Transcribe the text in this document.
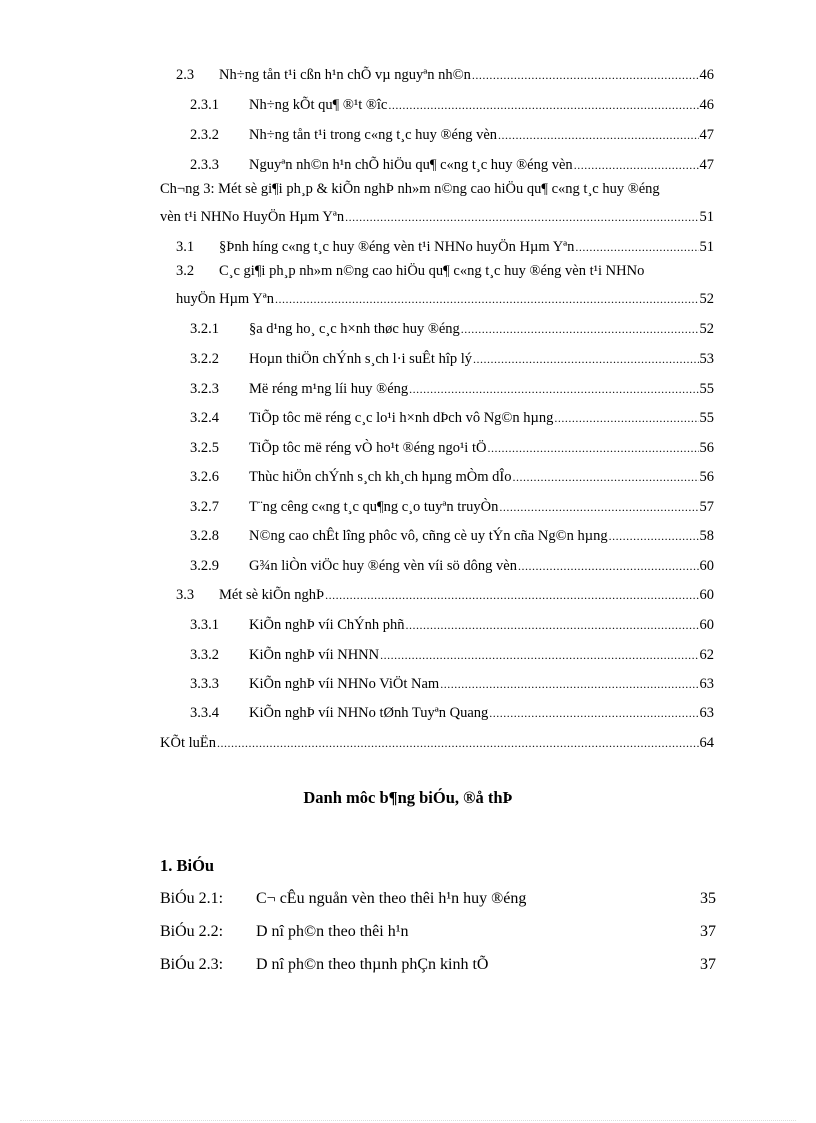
2.3	Nh÷ng tån t¹i cßn h¹n chÕ vµ nguyªn nh©n .....	46
2.3.1	Nh÷ng kÕt qu¶ ®¹t ®îc .....	46
2.3.2	Nh÷ng tån t¹i trong c«ng t¸c huy ®éng vèn .....	47
2.3.3	Nguyªn nh©n h¹n chÕ hiÖu qu¶ c«ng t¸c huy ®éng vèn .....	47
Ch¬ng 3: Mét sè gi¶i ph¸p & kiÕn nghÞ nh»m n©ng cao hiÖu qu¶ c«ng t¸c huy ®éng
vèn t¹i NHNo HuyÖn Hµm Yªn .....	51
3.1	§Þnh híng c«ng t¸c huy ®éng vèn t¹i NHNo huyÖn Hµm Yªn .....	51
3.2 C¸c gi¶i ph¸p nh»m n©ng cao hiÖu qu¶ c«ng t¸c huy ®éng vèn t¹i NHNo
huyÖn Hµm Yªn .....	52
3.2.1	§a d¹ng ho¸ c¸c h×nh thøc huy ®éng .....	52
3.2.2	Hoµn thiÖn chÝnh s¸ch l·i suÊt hîp lý .....	53
3.2.3	Më réng m¹ng líi huy ®éng .....	55
3.2.4	TiÕp tôc më réng c¸c lo¹i h×nh dÞch vô Ng©n hµng .....	55
3.2.5	TiÕp tôc më réng vÒ ho¹t ®éng ngo¹i tÖ .....	56
3.2.6	Thùc hiÖn chÝnh s¸ch kh¸ch hµng mÒm dÎo .....	56
3.2.7	T¨ng cêng c«ng t¸c qu¶ng c¸o tuyªn truyÒn .....	57
3.2.8	N©ng cao chÊt lîng phôc vô, cñng cè uy tÝn cña Ng©n hµng .....	58
3.2.9	G¾n liÒn viÖc huy ®éng vèn víi sö dông vèn .....	60
3.3	Mét sè kiÕn nghÞ .....	60
3.3.1	KiÕn nghÞ víi ChÝnh phñ .....	60
3.3.2	KiÕn nghÞ víi NHNN .....	62
3.3.3	KiÕn nghÞ víi NHNo ViÖt Nam .....	63
3.3.4	KiÕn nghÞ víi NHNo tØnh Tuyªn Quang .....	63
KÕt luËn .....	64
Danh môc b¶ng biÓu, ®å thÞ
1. BiÓu
BiÓu 2.1: C¬ cÊu nguån vèn theo thêi h¹n huy ®éng	35
BiÓu 2.2: D nî ph©n theo thêi h¹n	37
BiÓu 2.3: D nî ph©n theo thµnh phÇn kinh tÕ	37
